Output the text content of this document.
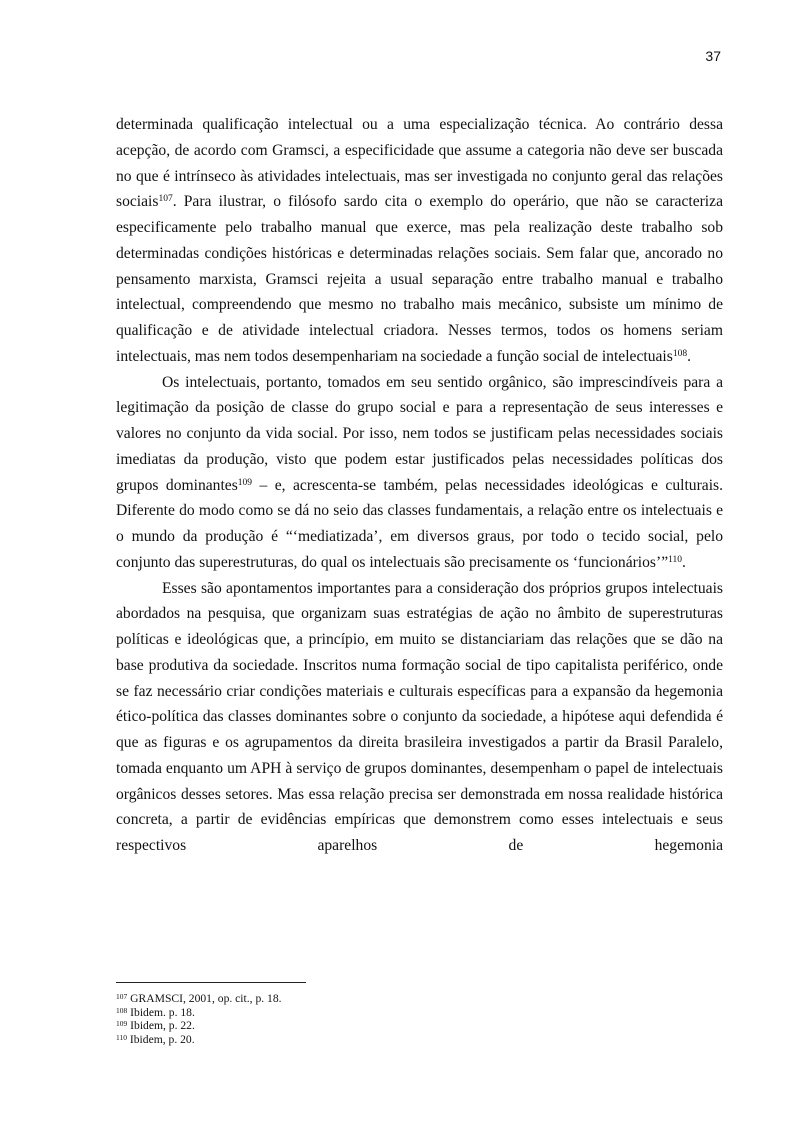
37

determinada qualificação intelectual ou a uma especialização técnica. Ao contrário dessa acepção, de acordo com Gramsci, a especificidade que assume a categoria não deve ser buscada no que é intrínseco às atividades intelectuais, mas ser investigada no conjunto geral das relações sociais$^{107}$. Para ilustrar, o filósofo sardo cita o exemplo do operário, que não se caracteriza especificamente pelo trabalho manual que exerce, mas pela realização deste trabalho sob determinadas condições históricas e determinadas relações sociais. Sem falar que, ancorado no pensamento marxista, Gramsci rejeita a usual separação entre trabalho manual e trabalho intelectual, compreendendo que mesmo no trabalho mais mecânico, subsiste um mínimo de qualificação e de atividade intelectual criadora. Nesses termos, todos os homens seriam intelectuais, mas nem todos desempenhariam na sociedade a função social de intelectuais$^{108}$.

Os intelectuais, portanto, tomados em seu sentido orgânico, são imprescindíveis para a legitimação da posição de classe do grupo social e para a representação de seus interesses e valores no conjunto da vida social. Por isso, nem todos se justificam pelas necessidades sociais imediatas da produção, visto que podem estar justificados pelas necessidades políticas dos grupos dominantes$^{109}$ – e, acrescenta-se também, pelas necessidades ideológicas e culturais. Diferente do modo como se dá no seio das classes fundamentais, a relação entre os intelectuais e o mundo da produção é “‘mediatizada’, em diversos graus, por todo o tecido social, pelo conjunto das superestruturas, do qual os intelectuais são precisamente os ‘funcionários’”$^{110}$.

Esses são apontamentos importantes para a consideração dos próprios grupos intelectuais abordados na pesquisa, que organizam suas estratégias de ação no âmbito de superestruturas políticas e ideológicas que, a princípio, em muito se distanciariam das relações que se dão na base produtiva da sociedade. Inscritos numa formação social de tipo capitalista periférico, onde se faz necessário criar condições materiais e culturais específicas para a expansão da hegemonia ético-política das classes dominantes sobre o conjunto da sociedade, a hipótese aqui defendida é que as figuras e os agrupamentos da direita brasileira investigados a partir da Brasil Paralelo, tomada enquanto um APH à serviço de grupos dominantes, desempenham o papel de intelectuais orgânicos desses setores. Mas essa relação precisa ser demonstrada em nossa realidade histórica concreta, a partir de evidências empíricas que demonstrem como esses intelectuais e seus respectivos aparelhos de hegemonia

$^{107}$ GRAMSCI, 2001, op. cit., p. 18.

$^{108}$ Ibidem. p. 18.

$^{109}$ Ibidem, p. 22.

$^{110}$ Ibidem, p. 20.
